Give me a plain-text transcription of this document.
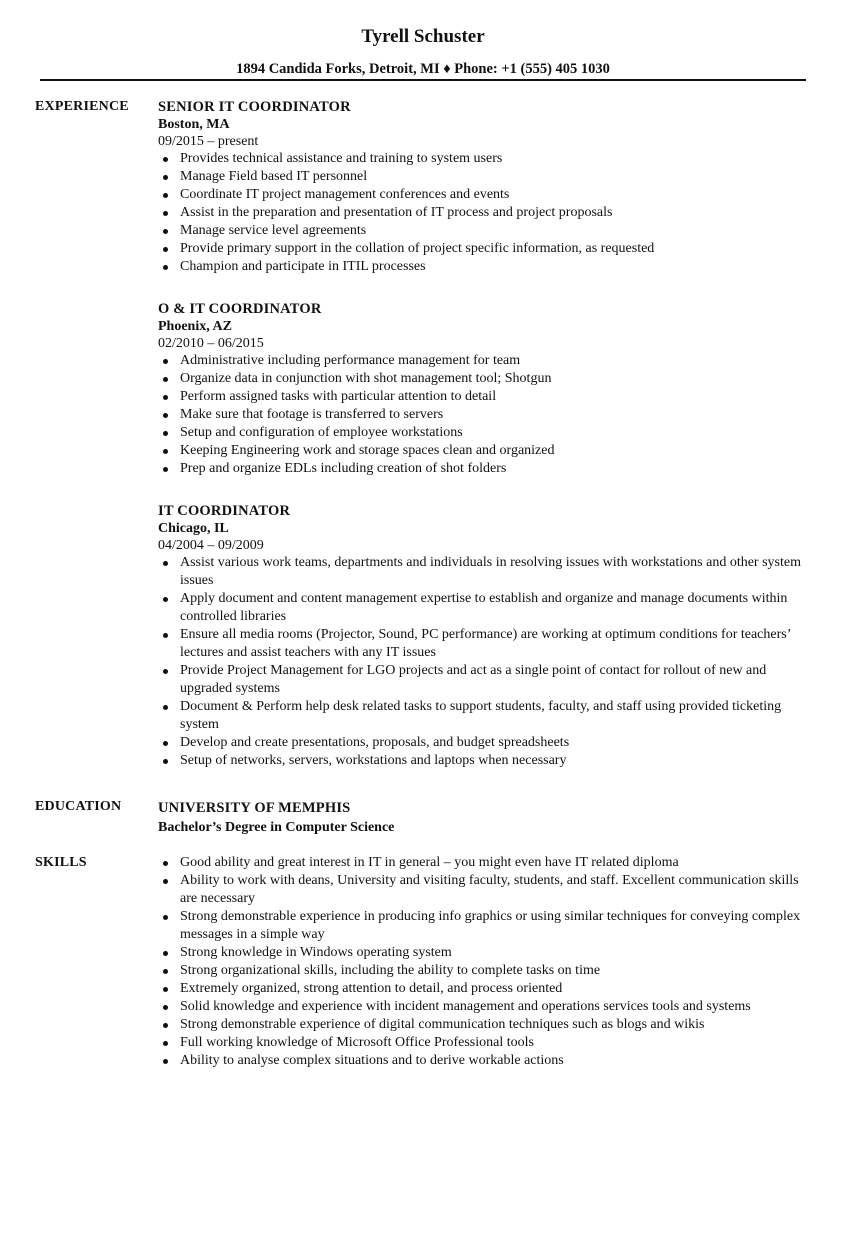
Tyrell Schuster
1894 Candida Forks, Detroit, MI ♦ Phone: +1 (555) 405 1030
EXPERIENCE SENIOR IT COORDINATOR
Boston, MA
09/2015 – present
Provides technical assistance and training to system users
Manage Field based IT personnel
Coordinate IT project management conferences and events
Assist in the preparation and presentation of IT process and project proposals
Manage service level agreements
Provide primary support in the collation of project specific information, as requested
Champion and participate in ITIL processes
O & IT COORDINATOR
Phoenix, AZ
02/2010 – 06/2015
Administrative including performance management for team
Organize data in conjunction with shot management tool; Shotgun
Perform assigned tasks with particular attention to detail
Make sure that footage is transferred to servers
Setup and configuration of employee workstations
Keeping Engineering work and storage spaces clean and organized
Prep and organize EDLs including creation of shot folders
IT COORDINATOR
Chicago, IL
04/2004 – 09/2009
Assist various work teams, departments and individuals in resolving issues with workstations and other system issues
Apply document and content management expertise to establish and organize and manage documents within controlled libraries
Ensure all media rooms (Projector, Sound, PC performance) are working at optimum conditions for teachers’ lectures and assist teachers with any IT issues
Provide Project Management for LGO projects and act as a single point of contact for rollout of new and upgraded systems
Document & Perform help desk related tasks to support students, faculty, and staff using provided ticketing system
Develop and create presentations, proposals, and budget spreadsheets
Setup of networks, servers, workstations and laptops when necessary
EDUCATION	UNIVERSITY OF MEMPHIS
Bachelor’s Degree in Computer Science
SKILLS	Good ability and great interest in IT in general – you might even have IT related diploma
Ability to work with deans, University and visiting faculty, students, and staff. Excellent communication skills are necessary
Strong demonstrable experience in producing info graphics or using similar techniques for conveying complex messages in a simple way
Strong knowledge in Windows operating system
Strong organizational skills, including the ability to complete tasks on time
Extremely organized, strong attention to detail, and process oriented
Solid knowledge and experience with incident management and operations services tools and systems
Strong demonstrable experience of digital communication techniques such as blogs and wikis
Full working knowledge of Microsoft Office Professional tools
Ability to analyse complex situations and to derive workable actions
